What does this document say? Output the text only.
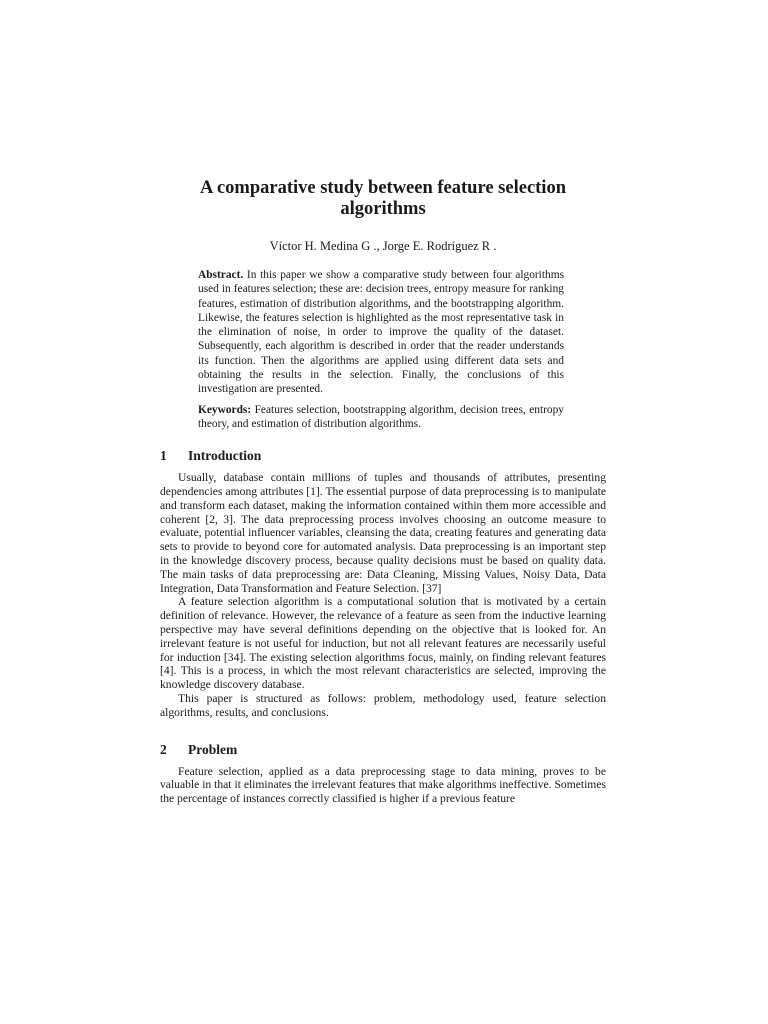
A comparative study between feature selection algorithms
Víctor H. Medina G ., Jorge E. Rodríguez R .

Abstract. In this paper we show a comparative study between four algorithms used in features selection; these are: decision trees, entropy measure for ranking features, estimation of distribution algorithms, and the bootstrapping algorithm. Likewise, the features selection is highlighted as the most representative task in the elimination of noise, in order to improve the quality of the dataset. Subsequently, each algorithm is described in order that the reader understands its function. Then the algorithms are applied using different data sets and obtaining the results in the selection. Finally, the conclusions of this investigation are presented.

Keywords: Features selection, bootstrapping algorithm, decision trees, entropy theory, and estimation of distribution algorithms.

1 Introduction

Usually, database contain millions of tuples and thousands of attributes, presenting dependencies among attributes [1]. The essential purpose of data preprocessing is to manipulate and transform each dataset, making the information contained within them more accessible and coherent [2, 3]. The data preprocessing process involves choosing an outcome measure to evaluate, potential influencer variables, cleansing the data, creating features and generating data sets to provide to beyond core for automated analysis. Data preprocessing is an important step in the knowledge discovery process, because quality decisions must be based on quality data. The main tasks of data preprocessing are: Data Cleaning, Missing Values, Noisy Data, Data Integration, Data Transformation and Feature Selection. [37]

A feature selection algorithm is a computational solution that is motivated by a certain definition of relevance. However, the relevance of a feature as seen from the inductive learning perspective may have several definitions depending on the objective that is looked for. An irrelevant feature is not useful for induction, but not all relevant features are necessarily useful for induction [34]. The existing selection algorithms focus, mainly, on finding relevant features [4]. This is a process, in which the most relevant characteristics are selected, improving the knowledge discovery database.

This paper is structured as follows: problem, methodology used, feature selection algorithms, results, and conclusions.

2 Problem

Feature selection, applied as a data preprocessing stage to data mining, proves to be valuable in that it eliminates the irrelevant features that make algorithms ineffective. Sometimes the percentage of instances correctly classified is higher if a previous feature
